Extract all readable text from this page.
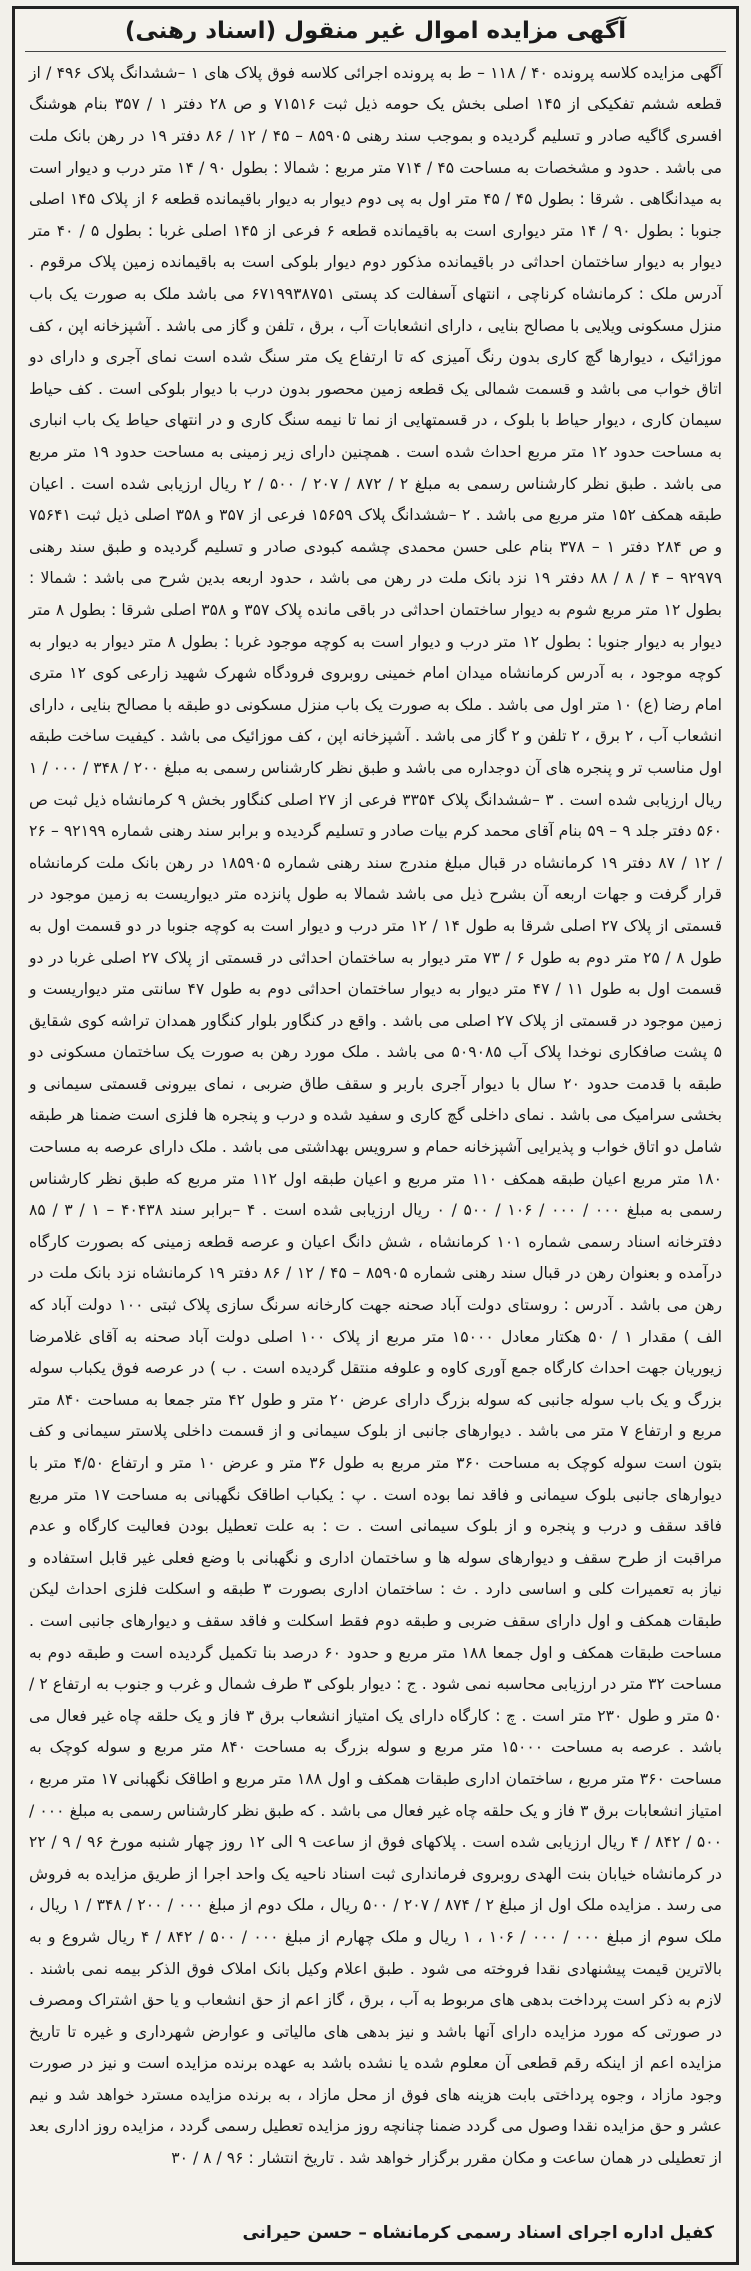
آگهی مزایده اموال غیر منقول (اسناد رهنی)
آگهی مزایده کلاسه پرونده ۴۰ / ۱۱۸ – ط به پرونده اجرائی کلاسه فوق پلاک های ۱ –ششدانگ پلاک ۴۹۶ / از قطعه ششم تفکیکی از ۱۴۵ اصلی بخش یک حومه ذیل ثبت ۷۱۵۱۶ و ص ۲۸ دفتر ۱ / ۳۵۷ بنام هوشنگ افسری گاگیه صادر و تسلیم گردیده و بموجب سند رهنی ۸۵۹۰۵ – ۴۵ / ۱۲ / ۸۶ دفتر ۱۹ در رهن بانک ملت می باشد . حدود و مشخصات به مساحت ۴۵ / ۷۱۴ متر مربع : شمالا : بطول ۹۰ / ۱۴ متر درب و دیوار است به میدانگاهی . شرقا : بطول ۴۵ / ۴۵ متر اول به پی دوم دیوار به دیوار باقیمانده قطعه ۶ از پلاک ۱۴۵ اصلی جنوبا : بطول ۹۰ / ۱۴ متر دیواری است به باقیمانده قطعه ۶ فرعی از ۱۴۵ اصلی غربا : بطول ۵ / ۴۰ متر دیوار به دیوار ساختمان احداثی در باقیمانده مذکور دوم دیوار بلوکی است به باقیمانده زمین پلاک مرقوم . آدرس ملک : کرمانشاه کرناچی ، انتهای آسفالت کد پستی ۶۷۱۹۹۳۸۷۵۱ می باشد ملک به صورت یک باب منزل مسکونی ویلایی با مصالح بنایی ، دارای انشعابات آب ، برق ، تلفن و گاز می باشد . آشپزخانه اپن ، کف موزائیک ، دیوارها گچ کاری بدون رنگ آمیزی که تا ارتفاع یک متر سنگ شده است نمای آجری و دارای دو اتاق خواب می باشد و قسمت شمالی یک قطعه زمین محصور بدون درب با دیوار بلوکی است . کف حیاط سیمان کاری ، دیوار حیاط با بلوک ، در قسمتهایی از نما تا نیمه سنگ کاری و در انتهای حیاط یک باب انباری به مساحت حدود ۱۲ متر مربع احداث شده است . همچنین دارای زیر زمینی به مساحت حدود ۱۹ متر مربع می باشد . طبق نظر کارشناس رسمی به مبلغ ۲ / ۸۷۲ / ۲۰۷ / ۵۰۰ / ۲ ریال ارزیابی شده است . اعیان طبقه همکف ۱۵۲ متر مربع می باشد . ۲ –ششدانگ پلاک ۱۵۶۵۹ فرعی از ۳۵۷ و ۳۵۸ اصلی ذیل ثبت ۷۵۶۴۱ و ص ۲۸۴ دفتر ۱ – ۳۷۸ بنام علی حسن محمدی چشمه کبودی صادر و تسلیم گردیده و طبق سند رهنی ۹۲۹۷۹ – ۴ / ۸ / ۸۸ دفتر ۱۹ نزد بانک ملت در رهن می باشد ، حدود اربعه بدین شرح می باشد : شمالا : بطول ۱۲ متر مربع شوم به دیوار ساختمان احداثی در باقی مانده پلاک ۳۵۷ و ۳۵۸ اصلی شرقا : بطول ۸ متر دیوار به دیوار جنوبا : بطول ۱۲ متر درب و دیوار است به کوچه موجود غربا : بطول ۸ متر دیوار به دیوار به کوچه موجود ، به آدرس کرمانشاه میدان امام خمینی روبروی فرودگاه شهرک شهید زارعی کوی ۱۲ متری امام رضا (ع) ۱۰ متر اول می باشد . ملک به صورت یک باب منزل مسکونی دو طبقه با مصالح بنایی ، دارای انشعاب آب ، ۲ برق ، ۲ تلفن و ۲ گاز می باشد . آشپزخانه اپن ، کف موزائیک می باشد . کیفیت ساخت طبقه اول مناسب تر و پنجره های آن دوجداره می باشد و طبق نظر کارشناس رسمی به مبلغ ۲۰۰ / ۳۴۸ / ۰۰۰ / ۱ ریال ارزیابی شده است . ۳ –ششدانگ پلاک ۳۳۵۴ فرعی از ۲۷ اصلی کنگاور بخش ۹ کرمانشاه ذیل ثبت ص ۵۶۰ دفتر جلد ۹ – ۵۹ بنام آقای محمد کرم بیات صادر و تسلیم گردیده و برابر سند رهنی شماره ۹۲۱۹۹ – ۲۶ / ۱۲ / ۸۷ دفتر ۱۹ کرمانشاه در قبال مبلغ مندرج سند رهنی شماره ۱۸۵۹۰۵ در رهن بانک ملت کرمانشاه قرار گرفت و جهات اربعه آن بشرح ذیل می باشد شمالا به طول پانزده متر دیواریست به زمین موجود در قسمتی از پلاک ۲۷ اصلی شرقا به طول ۱۴ / ۱۲ متر درب و دیوار است به کوچه جنوبا در دو قسمت اول به طول ۸ / ۲۵ متر دوم به طول ۶ / ۷۳ متر دیوار به ساختمان احداثی در قسمتی از پلاک ۲۷ اصلی غربا در دو قسمت اول به طول ۱۱ / ۴۷ متر دیوار به دیوار ساختمان احداثی دوم به طول ۴۷ سانتی متر دیواریست و زمین موجود در قسمتی از پلاک ۲۷ اصلی می باشد . واقع در کنگاور بلوار کنگاور همدان تراشه کوی شقایق ۵ پشت صافکاری نوخدا پلاک آب ۵۰۹۰۸۵ می باشد . ملک مورد رهن به صورت یک ساختمان مسکونی دو طبقه با قدمت حدود ۲۰ سال با دیوار آجری باربر و سقف طاق ضربی ، نمای بیرونی قسمتی سیمانی و بخشی سرامیک می باشد . نمای داخلی گچ کاری و سفید شده و درب و پنجره ها فلزی است ضمنا هر طبقه شامل دو اتاق خواب و پذیرایی آشپزخانه حمام و سرویس بهداشتی می باشد . ملک دارای عرصه به مساحت ۱۸۰ متر مربع اعیان طبقه همکف ۱۱۰ متر مربع و اعیان طبقه اول ۱۱۲ متر مربع که طبق نظر کارشناس رسمی به مبلغ ۰۰۰ / ۰۰۰ / ۱۰۶ / ۵۰۰ / ۰ ریال ارزیابی شده است . ۴ –برابر سند ۴۰۴۳۸ – ۱ / ۳ / ۸۵ دفترخانه اسناد رسمی شماره ۱۰۱ کرمانشاه ، شش دانگ اعیان و عرصه قطعه زمینی که بصورت کارگاه درآمده و بعنوان رهن در قبال سند رهنی شماره ۸۵۹۰۵ – ۴۵ / ۱۲ / ۸۶ دفتر ۱۹ کرمانشاه نزد بانک ملت در رهن می باشد . آدرس : روستای دولت آباد صحنه جهت کارخانه سرنگ سازی پلاک ثبتی ۱۰۰ دولت آباد که الف ) مقدار ۱ / ۵۰ هکتار معادل ۱۵۰۰۰ متر مربع از پلاک ۱۰۰ اصلی دولت آباد صحنه به آقای غلامرضا زیوریان جهت احداث کارگاه جمع آوری کاوه و علوفه منتقل گردیده است . ب ) در عرصه فوق یکباب سوله بزرگ و یک باب سوله جانبی که سوله بزرگ دارای عرض ۲۰ متر و طول ۴۲ متر جمعا به مساحت ۸۴۰ متر مربع و ارتفاع ۷ متر می باشد . دیوارهای جانبی از بلوک سیمانی و از قسمت داخلی پلاستر سیمانی و کف بتون است سوله کوچک به مساحت ۳۶۰ متر مربع به طول ۳۶ متر و عرض ۱۰ متر و ارتفاع ۴/۵۰ متر با دیوارهای جانبی بلوک سیمانی و فاقد نما بوده است . پ : یکباب اطاقک نگهبانی به مساحت ۱۷ متر مربع فاقد سقف و درب و پنجره و از بلوک سیمانی است . ت : به علت تعطیل بودن فعالیت کارگاه و عدم مراقبت از طرح سقف و دیوارهای سوله ها و ساختمان اداری و نگهبانی با وضع فعلی غیر قابل استفاده و نیاز به تعمیرات کلی و اساسی دارد . ث : ساختمان اداری بصورت ۳ طبقه و اسکلت فلزی احداث لیکن طبقات همکف و اول دارای سقف ضربی و طبقه دوم فقط اسکلت و فاقد سقف و دیوارهای جانبی است . مساحت طبقات همکف و اول جمعا ۱۸۸ متر مربع و حدود ۶۰ درصد بنا تکمیل گردیده است و طبقه دوم به مساحت ۳۲ متر در ارزیابی محاسبه نمی شود . ج : دیوار بلوکی ۳ طرف شمال و غرب و جنوب به ارتفاع ۲ / ۵۰ متر و طول ۲۳۰ متر است . چ : کارگاه دارای یک امتیاز انشعاب برق ۳ فاز و یک حلقه چاه غیر فعال می باشد . عرصه به مساحت ۱۵۰۰۰ متر مربع و سوله بزرگ به مساحت ۸۴۰ متر مربع و سوله کوچک به مساحت ۳۶۰ متر مربع ، ساختمان اداری طبقات همکف و اول ۱۸۸ متر مربع و اطاقک نگهبانی ۱۷ متر مربع ، امتیاز انشعابات برق ۳ فاز و یک حلقه چاه غیر فعال می باشد . که طبق نظر کارشناس رسمی به مبلغ ۰۰۰ / ۵۰۰ / ۸۴۲ / ۴ ریال ارزیابی شده است . پلاکهای فوق از ساعت ۹ الی ۱۲ روز چهار شنبه مورخ ۹۶ / ۹ / ۲۲ در کرمانشاه خیابان بنت الهدی روبروی فرمانداری ثبت اسناد ناحیه یک واحد اجرا از طریق مزایده به فروش می رسد . مزایده ملک اول از مبلغ ۲ / ۸۷۴ / ۲۰۷ / ۵۰۰ ریال ، ملک دوم از مبلغ ۰۰۰ / ۲۰۰ / ۳۴۸ / ۱ ریال ، ملک سوم از مبلغ ۰۰۰ / ۰۰۰ / ۱۰۶ ، ۱ ریال و ملک چهارم از مبلغ ۰۰۰ / ۵۰۰ / ۸۴۲ / ۴ ریال شروع و به بالاترین قیمت پیشنهادی نقدا فروخته می شود . طبق اعلام وکیل بانک املاک فوق الذکر بیمه نمی باشند . لازم به ذکر است پرداخت بدهی های مربوط به آب ، برق ، گاز اعم از حق انشعاب و یا حق اشتراک ومصرف در صورتی که مورد مزایده دارای آنها باشد و نیز بدهی های مالیاتی و عوارض شهرداری و غیره تا تاریخ مزایده اعم از اینکه رقم قطعی آن معلوم شده یا نشده باشد به عهده برنده مزایده است و نیز در صورت وجود مازاد ، وجوه پرداختی بابت هزینه های فوق از محل مازاد ، به برنده مزایده مسترد خواهد شد و نیم عشر و حق مزایده نقدا وصول می گردد ضمنا چنانچه روز مزایده تعطیل رسمی گردد ، مزایده روز اداری بعد از تعطیلی در همان ساعت و مکان مقرر برگزار خواهد شد . تاریخ انتشار : ۹۶ / ۸ / ۳۰
کفیل اداره اجرای اسناد رسمی کرمانشاه – حسن حیرانی
